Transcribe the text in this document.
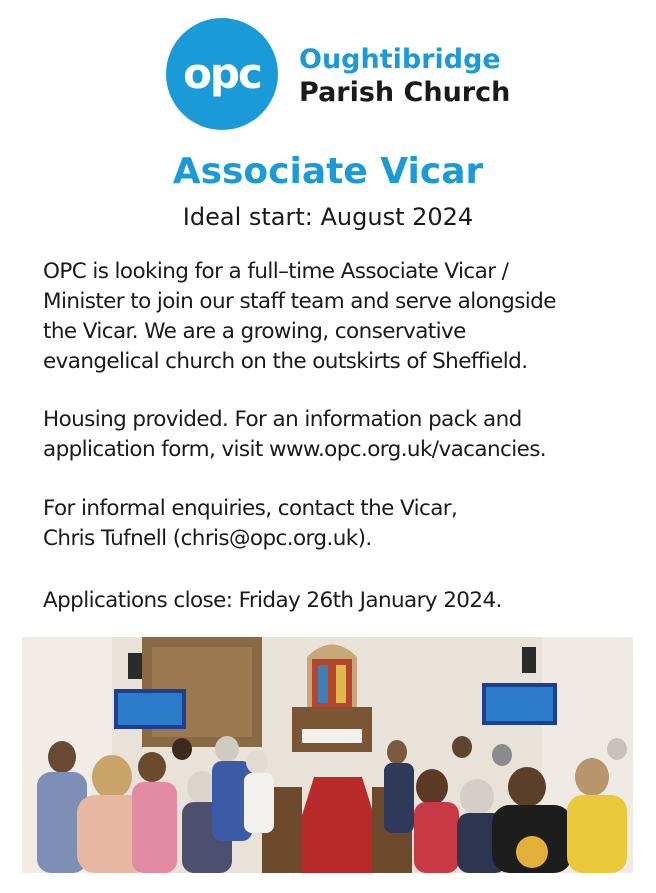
opc	Oughtibridge
Parish Church
Associate Vicar
Ideal start: August 2024
OPC is looking for a full–time Associate Vicar /
Minister to join our staff team and serve alongside
the Vicar. We are a growing, conservative
evangelical church on the outskirts of Sheffield.
Housing provided. For an information pack and
application form, visit www.opc.org.uk/vacancies.
For informal enquiries, contact the Vicar,
Chris Tufnell (chris@opc.org.uk).
Applications close: Friday 26th January 2024.
